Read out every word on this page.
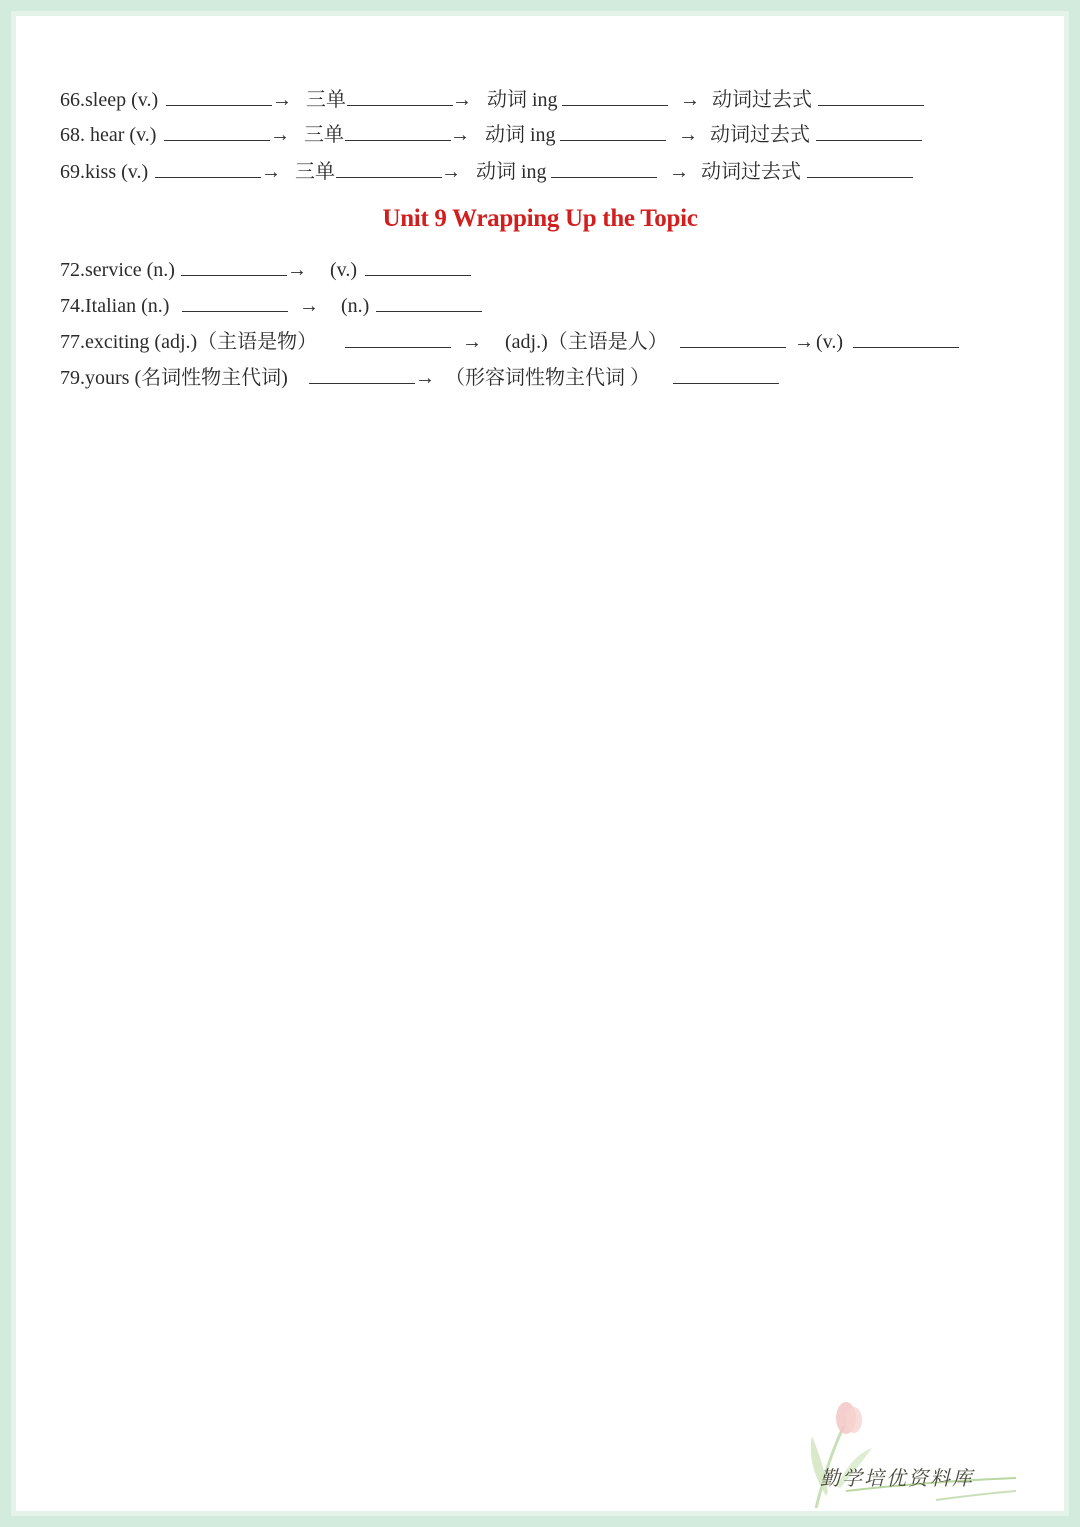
66.sleep (v.)	→ 三单	→ 动词 ing	→ 动词过去式
68. hear (v.)	→ 三单	→ 动词 ing	→ 动词过去式
69.kiss (v.)	→ 三单	→ 动词 ing	→ 动词过去式
Unit 9 Wrapping Up the Topic
72.service (n.)	→ (v.)
74.Italian (n.)	→ (n.)
77.exciting (adj.)（主语是物）	→ (adj.)（主语是人）	→ (v.)
79.yours (名词性物主代词)	→ （形容词性物主代词 ）
勤学培优资料库
